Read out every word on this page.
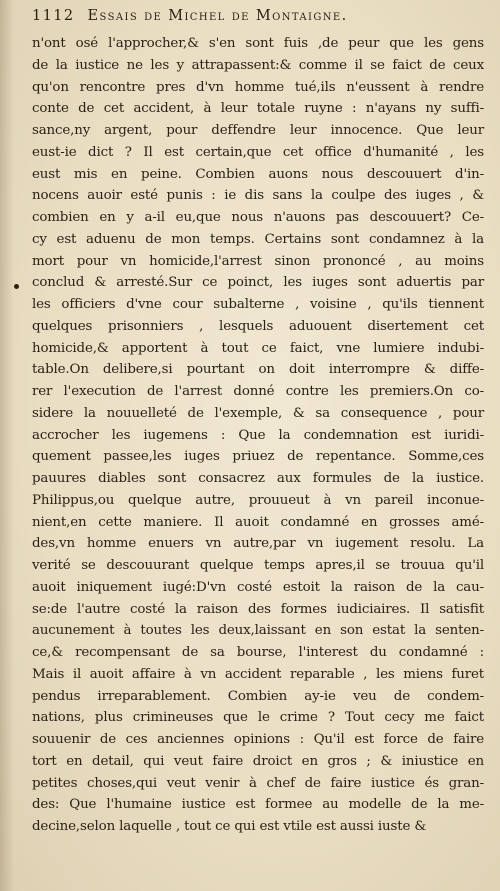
1112 Essais de Michel de Montaigne.
n'ont osé l'approcher,& s'en sont fuis ,de peur que les gens
de la iustice ne les y attrapassent:& comme il se faict de ceux
qu'on rencontre pres d'vn homme tué,ils n'eussent à rendre
conte de cet accident, à leur totale ruyne : n'ayans ny suffi-
sance,ny argent, pour deffendre leur innocence. Que leur
eust-ie dict ? Il est certain,que cet office d'humanité , les
eust mis en peine. Combien auons nous descouuert d'in-
nocens auoir esté punis : ie dis sans la coulpe des iuges , &
combien en y a-il eu,que nous n'auons pas descouuert? Ce-
cy est aduenu de mon temps. Certains sont condamnez à la
mort pour vn homicide,l'arrest sinon prononcé , au moins
conclud & arresté.Sur ce poinct, les iuges sont aduertis par
les officiers d'vne cour subalterne , voisine , qu'ils tiennent
quelques prisonniers , lesquels aduouent disertement cet
homicide,& apportent à tout ce faict, vne lumiere indubi-
table.On delibere,si pourtant on doit interrompre & diffe-
rer l'execution de l'arrest donné contre les premiers.On co-
sidere la nouuelleté de l'exemple, & sa consequence , pour
accrocher les iugemens : Que la condemnation est iuridi-
quement passee,les iuges priuez de repentance. Somme,ces
pauures diables sont consacrez aux formules de la iustice.
Philippus,ou quelque autre, prouueut à vn pareil inconue-
nient,en cette maniere. Il auoit condamné en grosses amé-
des,vn homme enuers vn autre,par vn iugement resolu. La
verité se descouurant quelque temps apres,il se trouua qu'il
auoit iniquement iugé:D'vn costé estoit la raison de la cau-
se:de l'autre costé la raison des formes iudiciaires. Il satisfit
aucunement à toutes les deux,laissant en son estat la senten-
ce,& recompensant de sa bourse, l'interest du condamné :
Mais il auoit affaire à vn accident reparable , les miens furet
pendus irreparablement. Combien ay-ie veu de condem-
nations, plus crimineuses que le crime ? Tout cecy me faict
souuenir de ces anciennes opinions : Qu'il est force de faire
tort en detail, qui veut faire droict en gros ; & iniustice en
petites choses,qui veut venir à chef de faire iustice és gran-
des: Que l'humaine iustice est formee au modelle de la me-
decine,selon laquelle , tout ce qui est vtile est aussi iuste &
